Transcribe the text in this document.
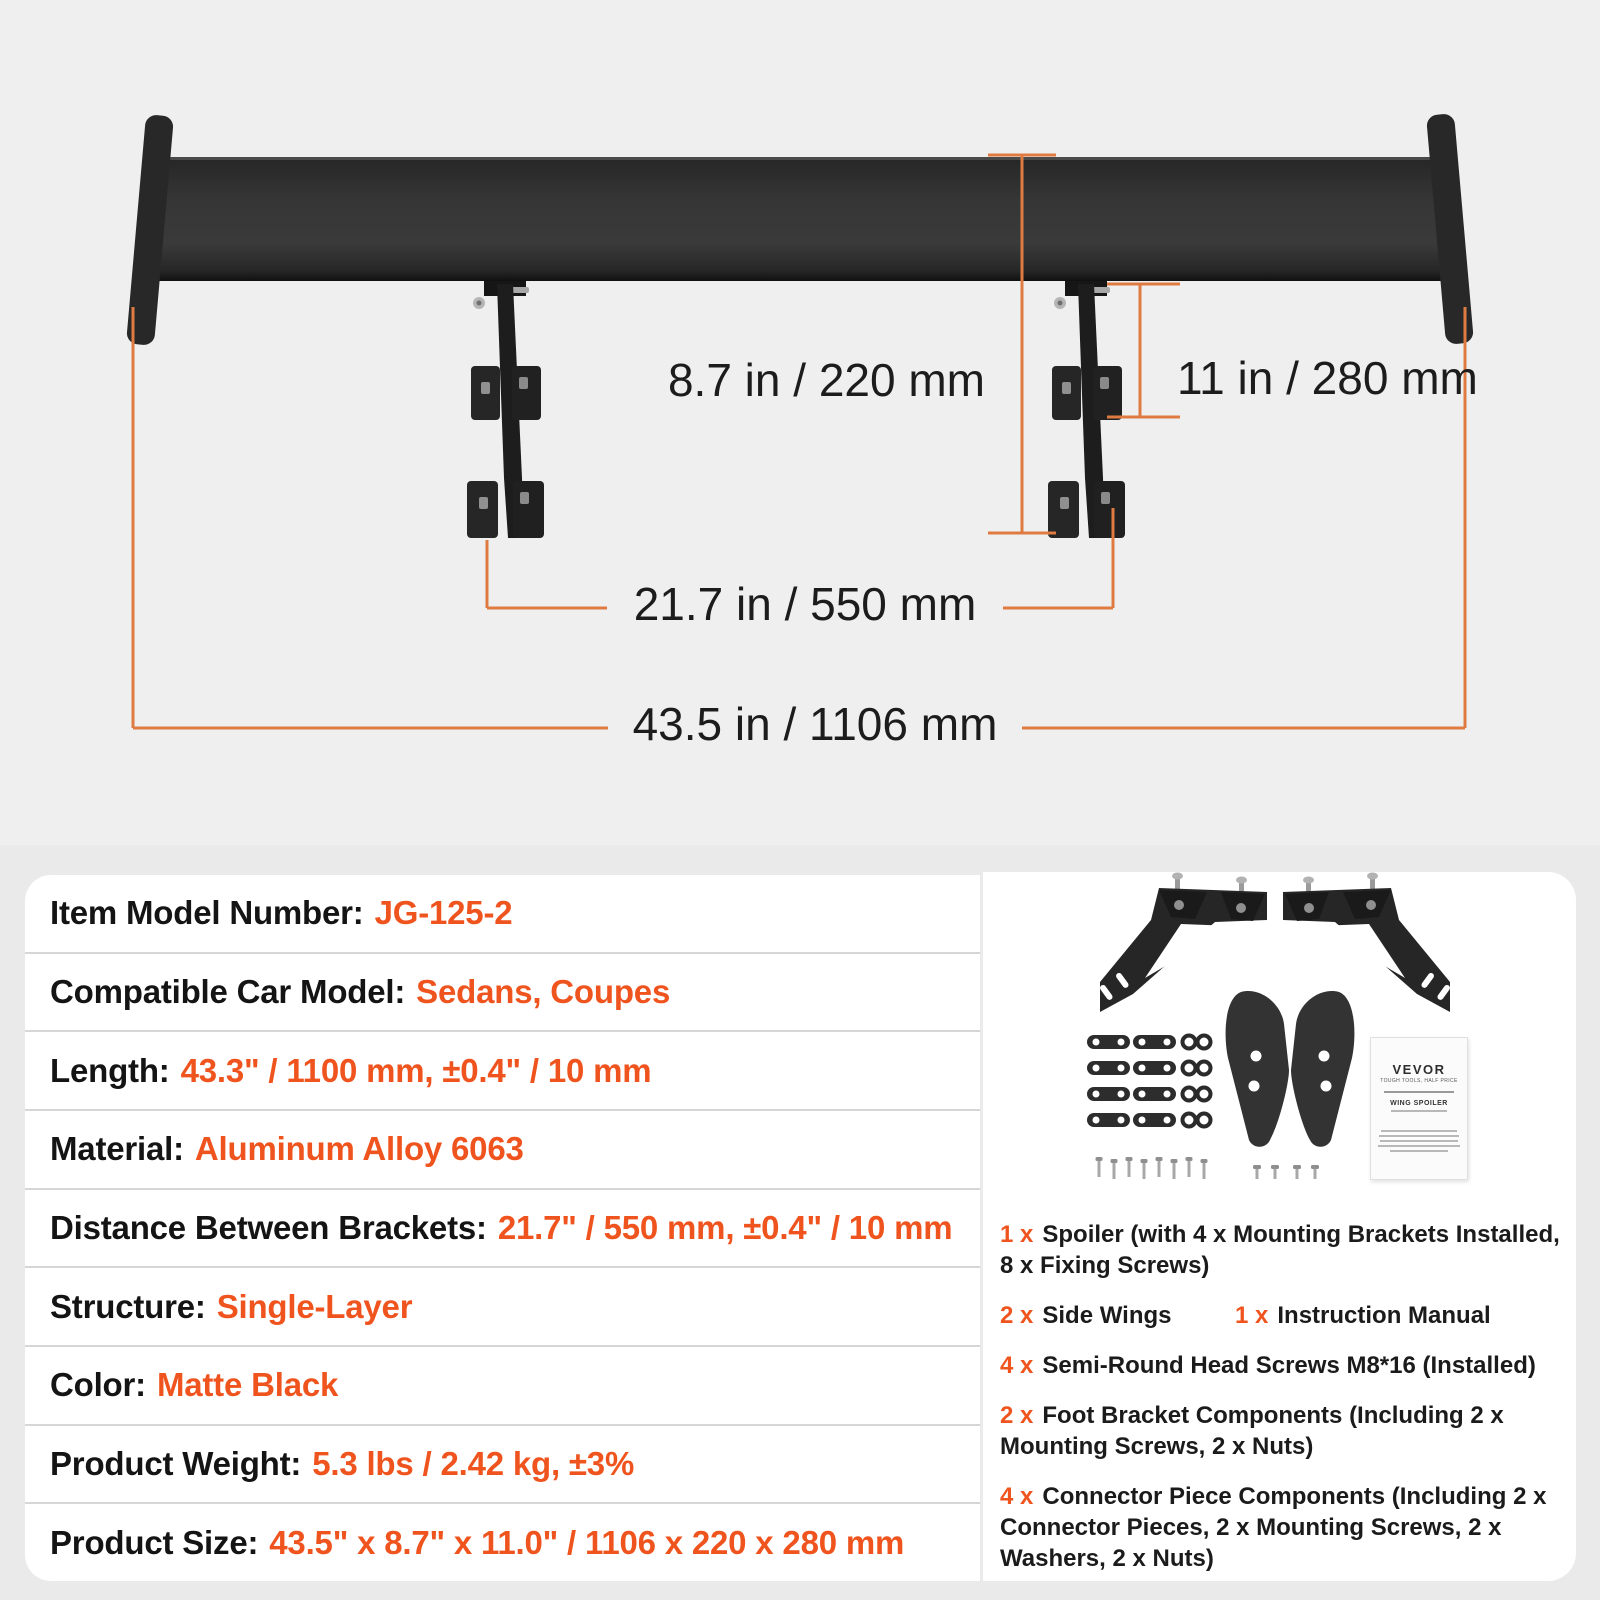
8.7 in / 220 mm	11 in / 280 mm
21.7 in / 550 mm
43.5 in / 1106 mm
Item Model Number: JG-125-2
Compatible Car Model: Sedans, Coupes
Length: 43.3" / 1100 mm, ±0.4" / 10 mm
Material: Aluminum Alloy 6063
Distance Between Brackets: 21.7" / 550 mm, ±0.4" / 10 mm
Structure: Single-Layer
Color: Matte Black
Product Weight: 5.3 lbs / 2.42 kg, ±3%
Product Size: 43.5" x 8.7" x 11.0" / 1106 x 220 x 280 mm
VEVOR
TOUGH TOOLS, HALF PRICE
WING SPOILER
1 x Spoiler (with 4 x Mounting Brackets Installed, 8 x Fixing Screws)
2 x Side Wings	1 x Instruction Manual
4 x Semi-Round Head Screws M8*16 (Installed)
2 x Foot Bracket Components (Including 2 x Mounting Screws, 2 x Nuts)
4 x Connector Piece Components (Including 2 x Connector Pieces, 2 x Mounting Screws, 2 x Washers, 2 x Nuts)
